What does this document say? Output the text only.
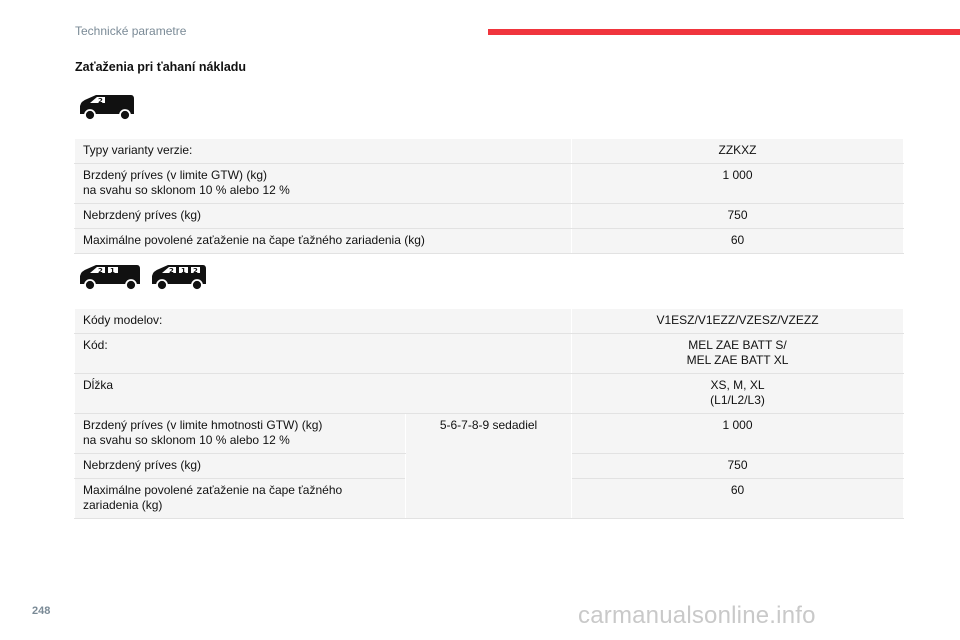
Technické parametre
Zaťaženia pri ťahaní nákladu
2
Typy varianty verzie:	ZZKXZ

Brzdený príves (v limite GTW) (kg)
na svahu so sklonom 10 % alebo 12 %	1 000
Nebrzdený príves (kg)	750
Maximálne povolené zaťaženie na čape ťažného zariadenia (kg)	60
2 1	2 1 2
Kódy modelov:		V1ESZ/V1EZZ/VZESZ/VZEZZ
Kód:		MEL ZAE BATT S/
MEL ZAE BATT XL

Dĺžka		XS, M, XL
(L1/L2/L3)

Brzdený príves (v limite hmotnosti GTW) (kg)
na svahu so sklonom 10 % alebo 12 %	5-6-7-8-9 sedadiel	1 000
Nebrzdený príves (kg)		750

Maximálne povolené zaťaženie na čape ťažného
zariadenia (kg)		60
248	carmanualsonline.info
